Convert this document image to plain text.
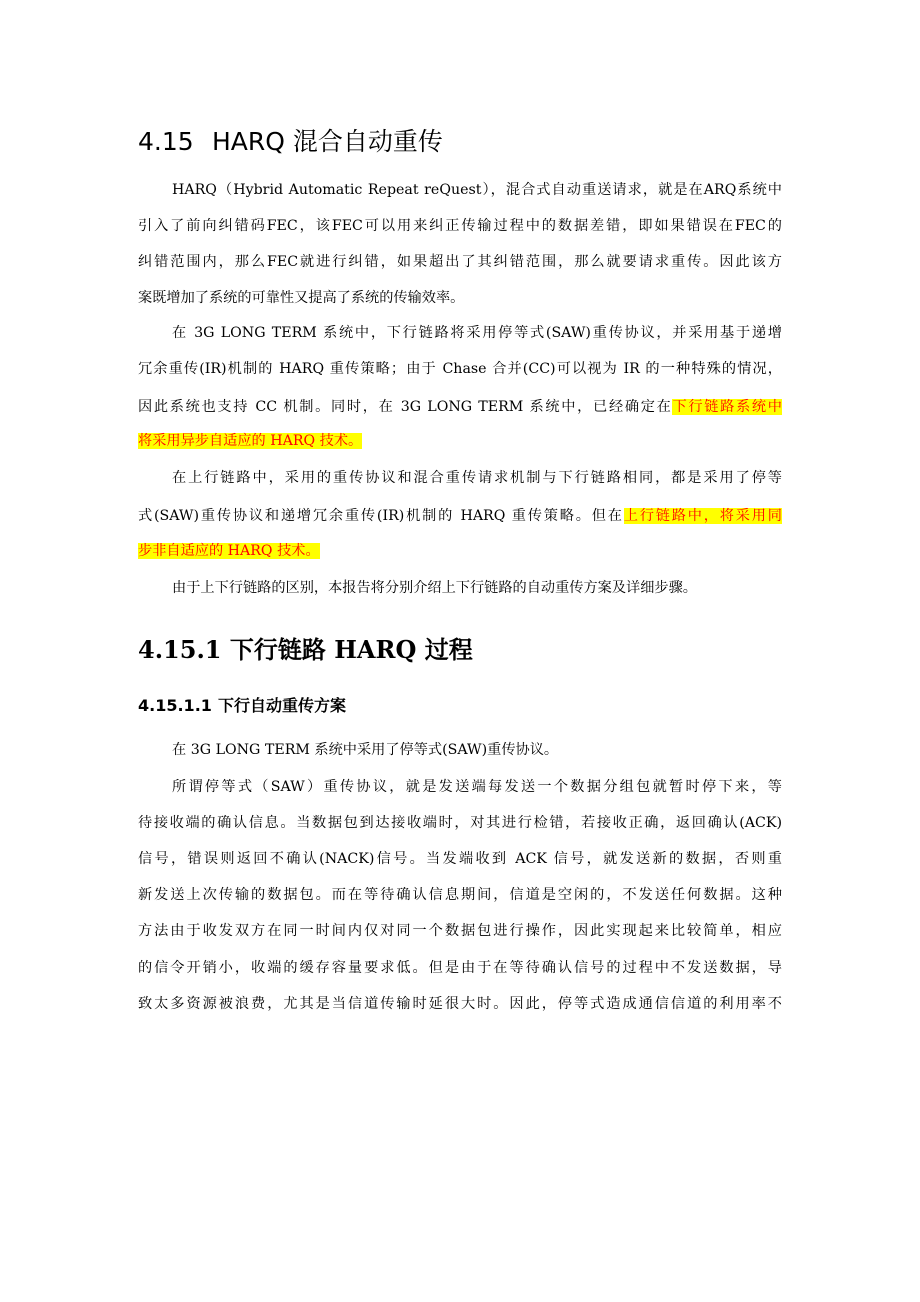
4.15 HARQ 混合自动重传
HARQ（Hybrid Automatic Repeat reQuest），混合式自动重送请求，就是在ARQ系统中
引入了前向纠错码FEC，该FEC可以用来纠正传输过程中的数据差错，即如果错误在FEC的
纠错范围内，那么FEC就进行纠错，如果超出了其纠错范围，那么就要请求重传。因此该方
案既增加了系统的可靠性又提高了系统的传输效率。
在 3G LONG TERM 系统中，下行链路将采用停等式(SAW)重传协议，并采用基于递增
冗余重传(IR)机制的 HARQ 重传策略；由于 Chase 合并(CC)可以视为 IR 的一种特殊的情况，
因此系统也支持 CC 机制。同时，在 3G LONG TERM 系统中，已经确定在下行链路系统中
将采用异步自适应的 HARQ 技术。
在上行链路中，采用的重传协议和混合重传请求机制与下行链路相同，都是采用了停等
式(SAW)重传协议和递增冗余重传(IR)机制的 HARQ 重传策略。但在上行链路中，将采用同
步非自适应的 HARQ 技术。
由于上下行链路的区别，本报告将分别介绍上下行链路的自动重传方案及详细步骤。
4.15.1 下行链路 HARQ 过程
4.15.1.1 下行自动重传方案
在 3G LONG TERM 系统中采用了停等式(SAW)重传协议。
所谓停等式（SAW）重传协议，就是发送端每发送一个数据分组包就暂时停下来，等
待接收端的确认信息。当数据包到达接收端时，对其进行检错，若接收正确，返回确认(ACK)
信号，错误则返回不确认(NACK)信号。当发端收到 ACK 信号，就发送新的数据，否则重
新发送上次传输的数据包。而在等待确认信息期间，信道是空闲的，不发送任何数据。这种
方法由于收发双方在同一时间内仅对同一个数据包进行操作，因此实现起来比较简单，相应
的信令开销小，收端的缓存容量要求低。但是由于在等待确认信号的过程中不发送数据，导
致太多资源被浪费，尤其是当信道传输时延很大时。因此，停等式造成通信信道的利用率不
